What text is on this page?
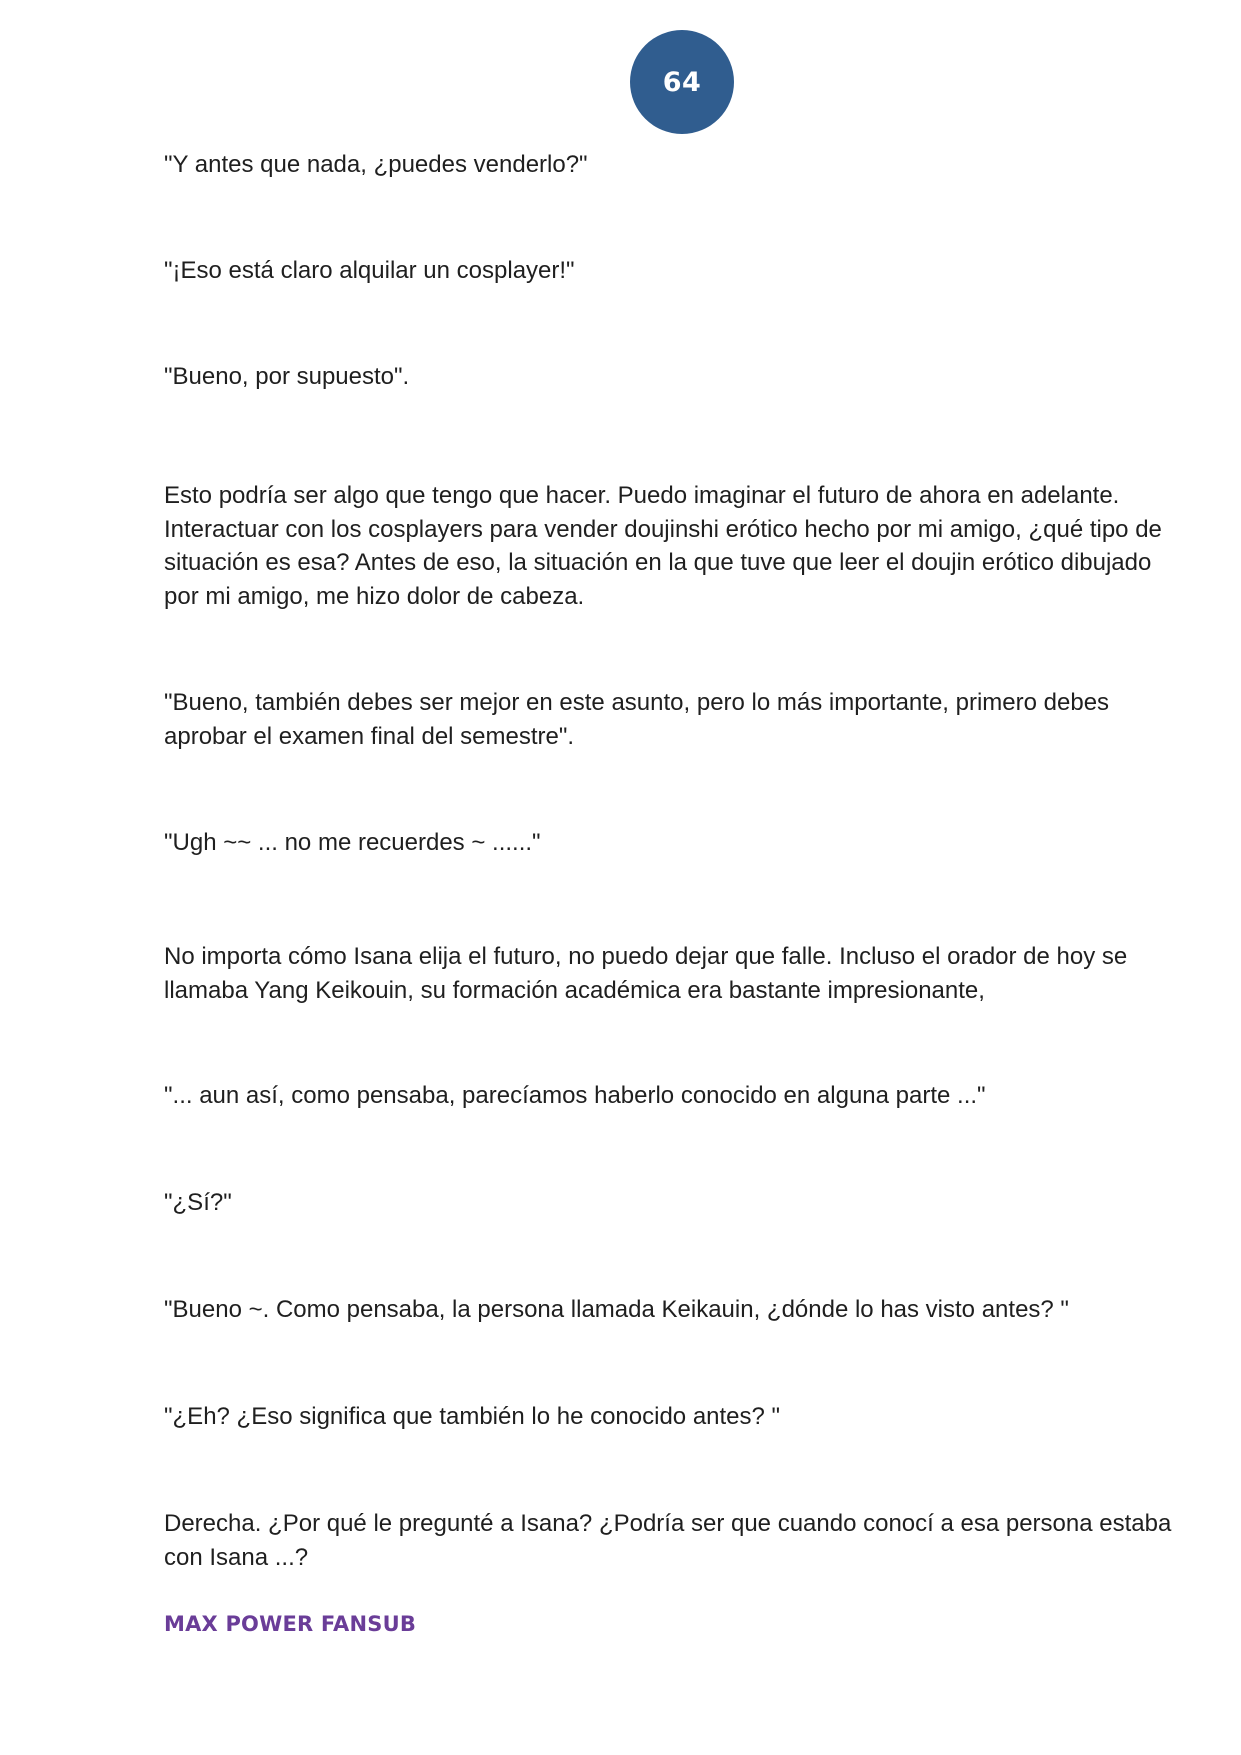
64

"Y antes que nada, ¿puedes venderlo?"

"¡Eso está claro alquilar un cosplayer!"

"Bueno, por supuesto".

Esto podría ser algo que tengo que hacer. Puedo imaginar el futuro de ahora en adelante. Interactuar con los cosplayers para vender doujinshi erótico hecho por mi amigo, ¿qué tipo de situación es esa? Antes de eso, la situación en la que tuve que leer el doujin erótico dibujado por mi amigo, me hizo dolor de cabeza.

"Bueno, también debes ser mejor en este asunto, pero lo más importante, primero debes aprobar el examen final del semestre".

"Ugh ~~ ... no me recuerdes ~ ......"

No importa cómo Isana elija el futuro, no puedo dejar que falle. Incluso el orador de hoy se llamaba Yang Keikouin, su formación académica era bastante impresionante,

"... aun así, como pensaba, parecíamos haberlo conocido en alguna parte ..."

"¿Sí?"

"Bueno ~. Como pensaba, la persona llamada Keikauin, ¿dónde lo has visto antes? "

"¿Eh? ¿Eso significa que también lo he conocido antes? "

Derecha. ¿Por qué le pregunté a Isana? ¿Podría ser que cuando conocí a esa persona estaba con Isana ...?

MAX POWER FANSUB
